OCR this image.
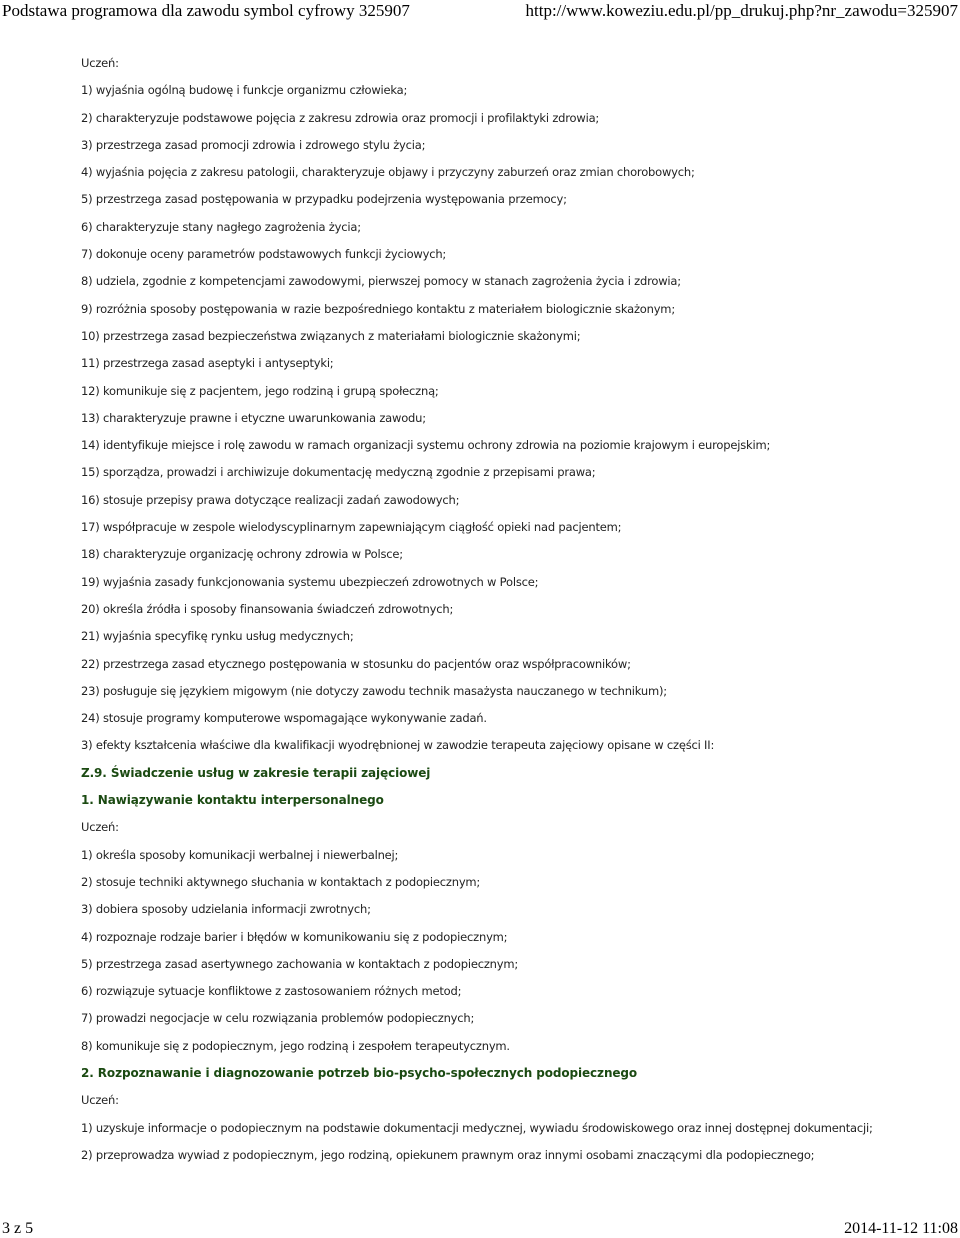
Podstawa programowa dla zawodu symbol cyfrowy 325907	http://www.koweziu.edu.pl/pp_drukuj.php?nr_zawodu=325907

Uczeń:

1) wyjaśnia ogólną budowę i funkcje organizmu człowieka;

2) charakteryzuje podstawowe pojęcia z zakresu zdrowia oraz promocji i profilaktyki zdrowia;

3) przestrzega zasad promocji zdrowia i zdrowego stylu życia;

4) wyjaśnia pojęcia z zakresu patologii, charakteryzuje objawy i przyczyny zaburzeń oraz zmian chorobowych;

5) przestrzega zasad postępowania w przypadku podejrzenia występowania przemocy;

6) charakteryzuje stany nagłego zagrożenia życia;

7) dokonuje oceny parametrów podstawowych funkcji życiowych;

8) udziela, zgodnie z kompetencjami zawodowymi, pierwszej pomocy w stanach zagrożenia życia i zdrowia;

9) rozróżnia sposoby postępowania w razie bezpośredniego kontaktu z materiałem biologicznie skażonym;

10) przestrzega zasad bezpieczeństwa związanych z materiałami biologicznie skażonymi;

11) przestrzega zasad aseptyki i antyseptyki;

12) komunikuje się z pacjentem, jego rodziną i grupą społeczną;

13) charakteryzuje prawne i etyczne uwarunkowania zawodu;

14) identyfikuje miejsce i rolę zawodu w ramach organizacji systemu ochrony zdrowia na poziomie krajowym i europejskim;

15) sporządza, prowadzi i archiwizuje dokumentację medyczną zgodnie z przepisami prawa;

16) stosuje przepisy prawa dotyczące realizacji zadań zawodowych;

17) współpracuje w zespole wielodyscyplinarnym zapewniającym ciągłość opieki nad pacjentem;

18) charakteryzuje organizację ochrony zdrowia w Polsce;

19) wyjaśnia zasady funkcjonowania systemu ubezpieczeń zdrowotnych w Polsce;

20) określa źródła i sposoby finansowania świadczeń zdrowotnych;

21) wyjaśnia specyfikę rynku usług medycznych;

22) przestrzega zasad etycznego postępowania w stosunku do pacjentów oraz współpracowników;

23) posługuje się językiem migowym (nie dotyczy zawodu technik masażysta nauczanego w technikum);

24) stosuje programy komputerowe wspomagające wykonywanie zadań.

3) efekty kształcenia właściwe dla kwalifikacji wyodrębnionej w zawodzie terapeuta zajęciowy opisane w części II:

Z.9. Świadczenie usług w zakresie terapii zajęciowej

1. Nawiązywanie kontaktu interpersonalnego

Uczeń:

1) określa sposoby komunikacji werbalnej i niewerbalnej;

2) stosuje techniki aktywnego słuchania w kontaktach z podopiecznym;

3) dobiera sposoby udzielania informacji zwrotnych;

4) rozpoznaje rodzaje barier i błędów w komunikowaniu się z podopiecznym;

5) przestrzega zasad asertywnego zachowania w kontaktach z podopiecznym;

6) rozwiązuje sytuacje konfliktowe z zastosowaniem różnych metod;

7) prowadzi negocjacje w celu rozwiązania problemów podopiecznych;

8) komunikuje się z podopiecznym, jego rodziną i zespołem terapeutycznym.

2. Rozpoznawanie i diagnozowanie potrzeb bio-psycho-społecznych podopiecznego

Uczeń:

1) uzyskuje informacje o podopiecznym na podstawie dokumentacji medycznej, wywiadu środowiskowego oraz innej dostępnej dokumentacji;

2) przeprowadza wywiad z podopiecznym, jego rodziną, opiekunem prawnym oraz innymi osobami znaczącymi dla podopiecznego;

3 z 5	2014-11-12 11:08
